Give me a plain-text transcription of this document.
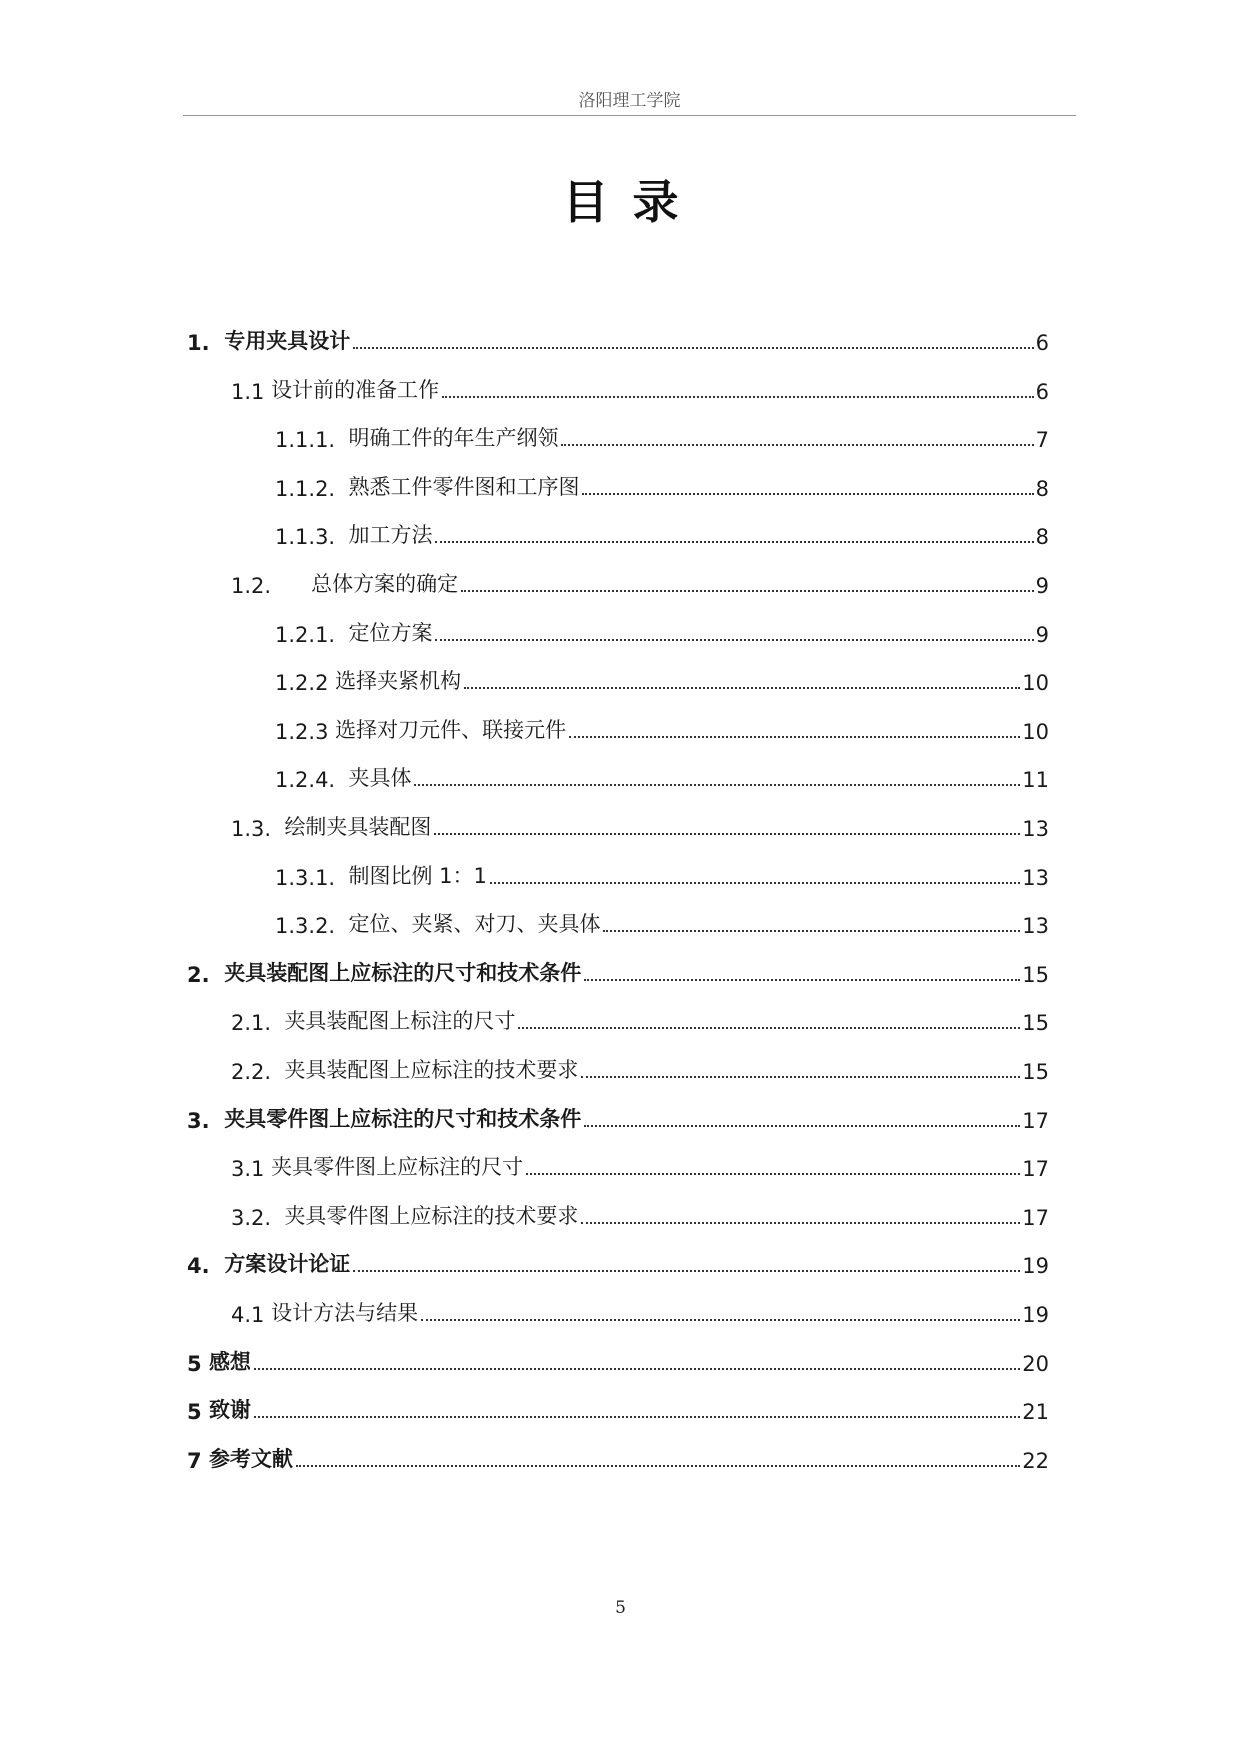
洛阳理工学院
目录
1. 专用夹具设计	6
1.1 设计前的准备工作	6
1.1.1. 明确工件的年生产纲领	7
1.1.2. 熟悉工件零件图和工序图	8
1.1.3. 加工方法	8
1.2. 总体方案的确定	9
1.2.1. 定位方案	9
1.2.2 选择夹紧机构	10
1.2.3 选择对刀元件、联接元件	10
1.2.4. 夹具体	11
1.3. 绘制夹具装配图	13
1.3.1. 制图比例 1：1	13
1.3.2. 定位、夹紧、对刀、夹具体	13
2. 夹具装配图上应标注的尺寸和技术条件	15
2.1. 夹具装配图上标注的尺寸	15
2.2. 夹具装配图上应标注的技术要求	15
3. 夹具零件图上应标注的尺寸和技术条件	17
3.1 夹具零件图上应标注的尺寸	17
3.2. 夹具零件图上应标注的技术要求	17
4. 方案设计论证	19
4.1 设计方法与结果	19
5 感想	20
5 致谢	21
7 参考文献	22
5
